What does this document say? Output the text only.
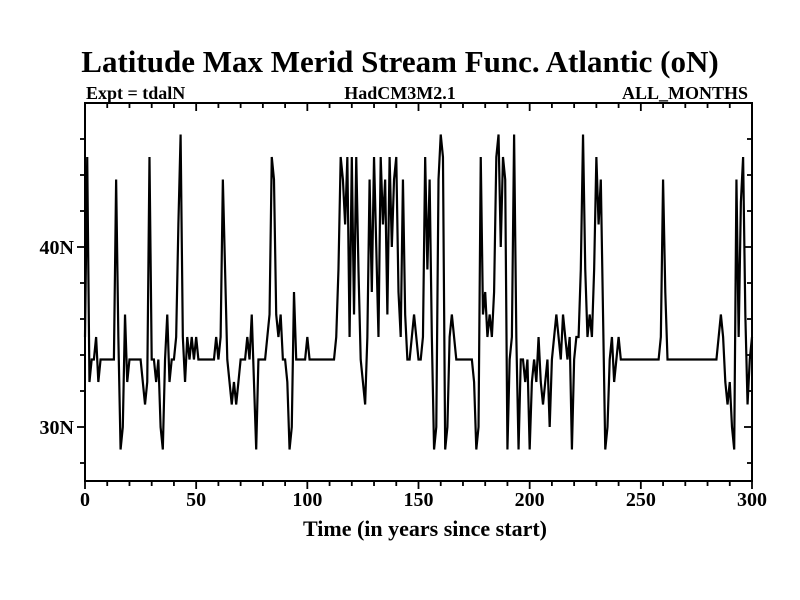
Latitude Max Merid Stream Func. Atlantic (oN)
Expt = tdalN	HadCM3M2.1	ALL_MONTHS
0	50	100	150	200	250	300
30N
40N
Time (in years since start)
